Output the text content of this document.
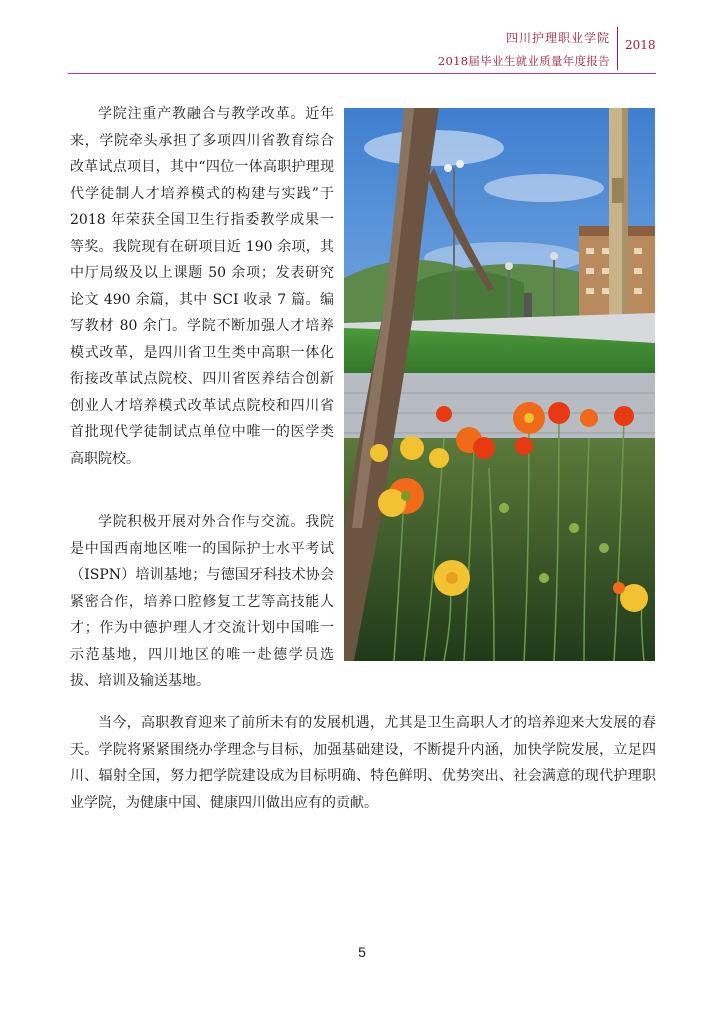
四川护理职业学院
2018届毕业生就业质量年度报告
2018

学院注重产教融合与教学改革。近年来，学院牵头承担了多项四川省教育综合改革试点项目，其中“四位一体高职护理现代学徒制人才培养模式的构建与实践”于 2018 年荣获全国卫生行指委教学成果一等奖。我院现有在研项目近 190 余项，其中厅局级及以上课题 50 余项；发表研究论文 490 余篇，其中 SCI 收录 7 篇。编写教材 80 余门。学院不断加强人才培养模式改革，是四川省卫生类中高职一体化衔接改革试点院校、四川省医养结合创新创业人才培养模式改革试点院校和四川省首批现代学徒制试点单位中唯一的医学类高职院校。

学院积极开展对外合作与交流。我院是中国西南地区唯一的国际护士水平考试（ISPN）培训基地；与德国牙科技术协会紧密合作，培养口腔修复工艺等高技能人才；作为中德护理人才交流计划中国唯一示范基地，四川地区的唯一赴德学员选拔、培训及输送基地。

当今，高职教育迎来了前所未有的发展机遇，尤其是卫生高职人才的培养迎来大发展的春天。学院将紧紧围绕办学理念与目标，加强基础建设，不断提升内涵，加快学院发展，立足四川、辐射全国，努力把学院建设成为目标明确、特色鲜明、优势突出、社会满意的现代护理职业学院，为健康中国、健康四川做出应有的贡献。

5
